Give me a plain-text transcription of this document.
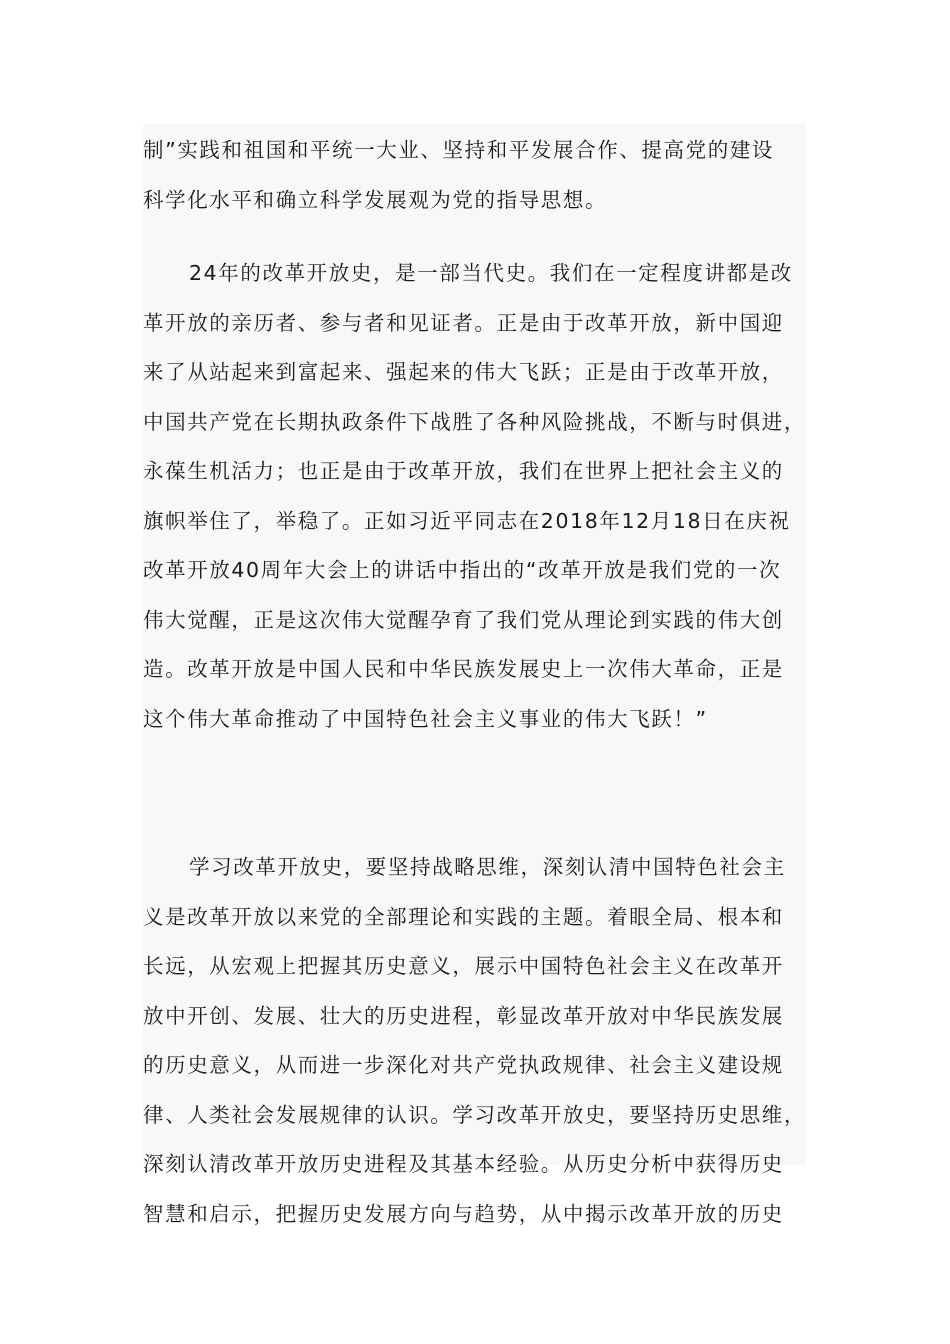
制”实践和祖国和平统一大业、坚持和平发展合作、提高党的建设
科学化水平和确立科学发展观为党的指导思想。
24年的改革开放史，是一部当代史。我们在一定程度讲都是改
革开放的亲历者、参与者和见证者。正是由于改革开放，新中国迎
来了从站起来到富起来、强起来的伟大飞跃；正是由于改革开放，
中国共产党在长期执政条件下战胜了各种风险挑战，不断与时俱进，
永葆生机活力；也正是由于改革开放，我们在世界上把社会主义的
旗帜举住了，举稳了。正如习近平同志在2018年12月18日在庆祝
改革开放40周年大会上的讲话中指出的“改革开放是我们党的一次
伟大觉醒，正是这次伟大觉醒孕育了我们党从理论到实践的伟大创
造。改革开放是中国人民和中华民族发展史上一次伟大革命，正是
这个伟大革命推动了中国特色社会主义事业的伟大飞跃！”
学习改革开放史，要坚持战略思维，深刻认清中国特色社会主
义是改革开放以来党的全部理论和实践的主题。着眼全局、根本和
长远，从宏观上把握其历史意义，展示中国特色社会主义在改革开
放中开创、发展、壮大的历史进程，彰显改革开放对中华民族发展
的历史意义，从而进一步深化对共产党执政规律、社会主义建设规
律、人类社会发展规律的认识。学习改革开放史，要坚持历史思维，
深刻认清改革开放历史进程及其基本经验。从历史分析中获得历史
智慧和启示，把握历史发展方向与趋势，从中揭示改革开放的历史
